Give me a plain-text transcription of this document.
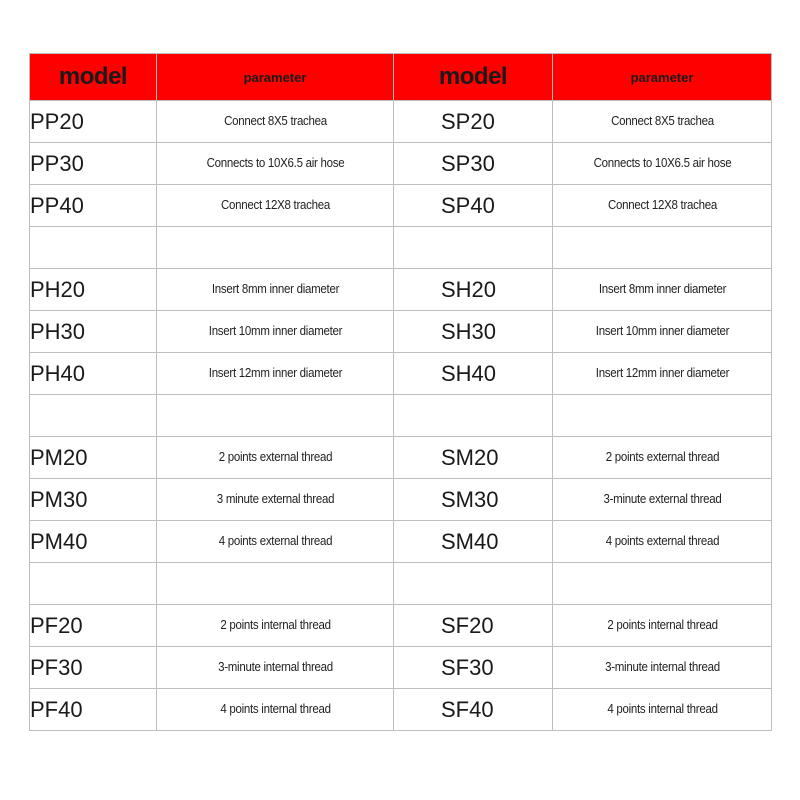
model	parameter	model	parameter
PP20	Connect 8X5 trachea	SP20	Connect 8X5 trachea
PP30	Connects to 10X6.5 air hose	SP30	Connects to 10X6.5 air hose
PP40	Connect 12X8 trachea	SP40	Connect 12X8 trachea

PH20	Insert 8mm inner diameter	SH20	Insert 8mm inner diameter
PH30	Insert 10mm inner diameter	SH30	Insert 10mm inner diameter
PH40	Insert 12mm inner diameter	SH40	Insert 12mm inner diameter

PM20	2 points external thread	SM20	2 points external thread
PM30	3 minute external thread	SM30	3-minute external thread
PM40	4 points external thread	SM40	4 points external thread

PF20	2 points internal thread	SF20	2 points internal thread
PF30	3-minute internal thread	SF30	3-minute internal thread
PF40	4 points internal thread	SF40	4 points internal thread
